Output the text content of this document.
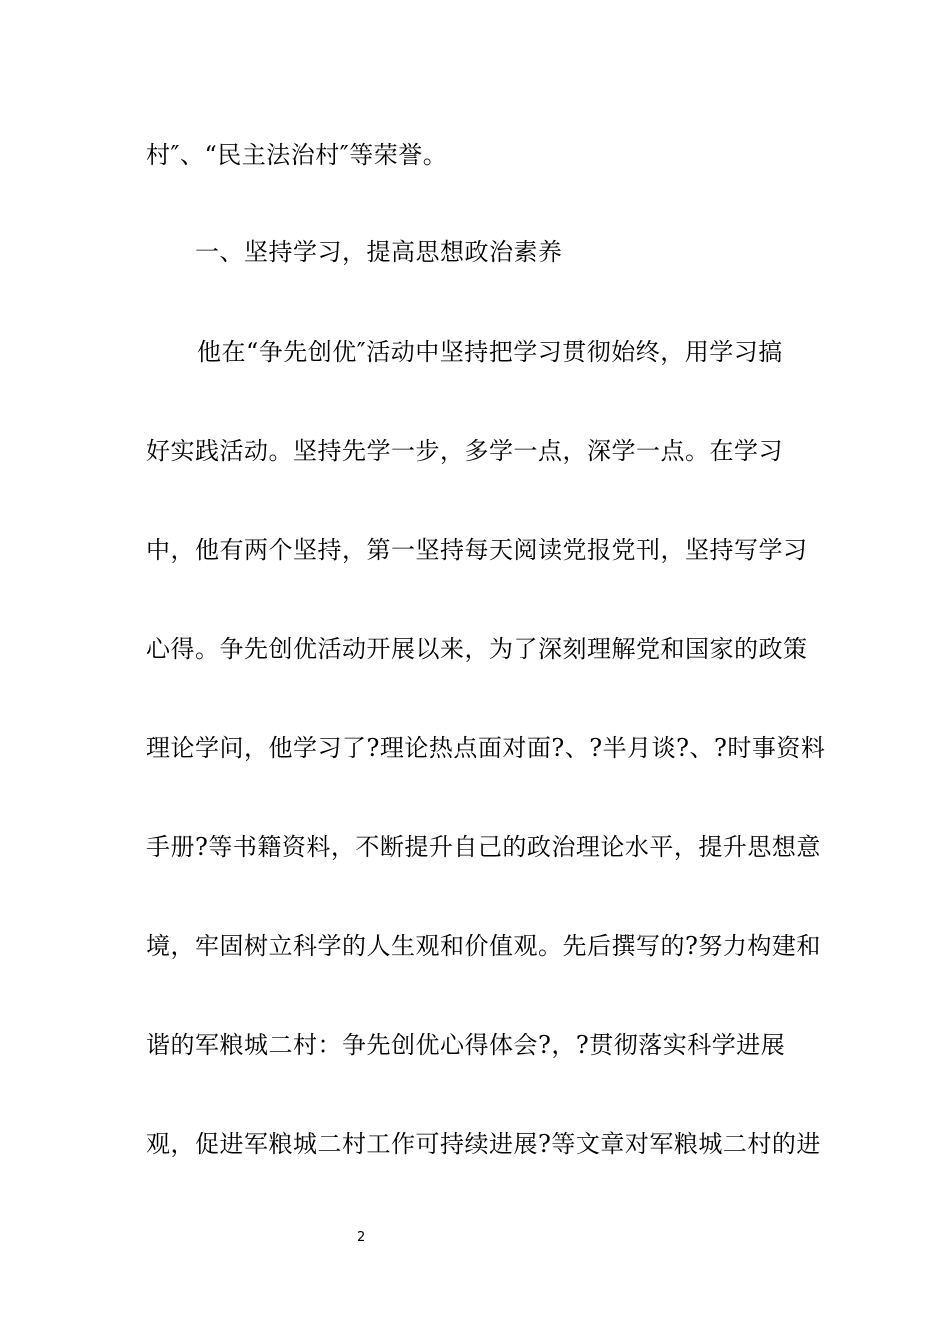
村″、“民主法治村″等荣誉。
一、坚持学习，提高思想政治素养
他在“争先创优″活动中坚持把学习贯彻始终，用学习搞
好实践活动。坚持先学一步，多学一点，深学一点。在学习
中，他有两个坚持，第一坚持每天阅读党报党刊，坚持写学习
心得。争先创优活动开展以来，为了深刻理解党和国家的政策
理论学问，他学习了?理论热点面对面?、?半月谈?、?时事资料
手册?等书籍资料，不断提升自己的政治理论水平，提升思想意
境，牢固树立科学的人生观和价值观。先后撰写的?努力构建和
谐的军粮城二村：争先创优心得体会?，?贯彻落实科学进展
观，促进军粮城二村工作可持续进展?等文章对军粮城二村的进
2
